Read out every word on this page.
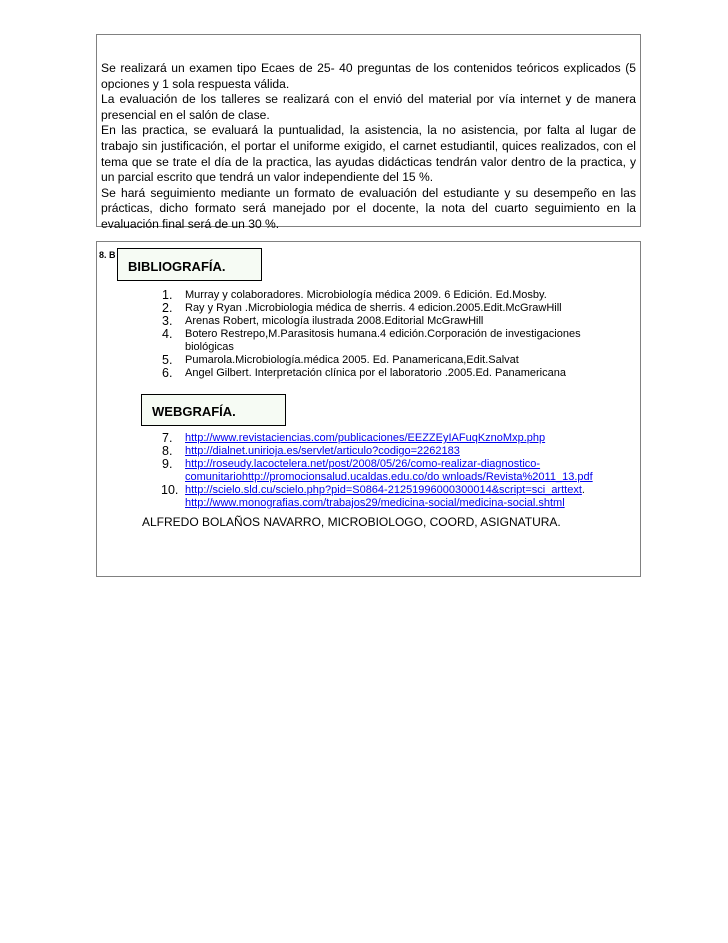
Se realizará un examen tipo Ecaes de 25- 40 preguntas de los contenidos teóricos explicados (5 opciones y 1 sola respuesta válida.

La evaluación de los talleres se realizará con el envió del material por vía internet y de manera presencial en el salón de clase.

En las practica, se evaluará la puntualidad, la asistencia, la no asistencia, por falta al lugar de trabajo sin justificación, el portar el uniforme exigido, el carnet estudiantil, quices realizados, con el tema que se trate el día de la practica, las ayudas didácticas tendrán valor dentro de la practica, y un parcial escrito que tendrá un valor independiente del 15 %.

Se hará seguimiento mediante un formato de evaluación del estudiante y su desempeño en las prácticas, dicho formato será manejado por el docente, la nota del cuarto seguimiento en la evaluación final será de un 30 %.

8. B
BIBLIOGRAFÍA.
1. Murray y colaboradores. Microbiología médica 2009. 6 Edición. Ed.Mosby.
2. Ray y Ryan .Microbiologia médica de sherris. 4 edicion.2005.Edit.McGrawHill
3. Arenas Robert, micología ilustrada 2008.Editorial McGrawHill
4. Botero Restrepo,M.Parasitosis humana.4 edición.Corporación de investigaciones biológicas
5. Pumarola.Microbiología.médica 2005. Ed. Panamericana,Edit.Salvat
6. Angel Gilbert. Interpretación clínica por el laboratorio .2005.Ed. Panamericana
WEBGRAFÍA.
7. http://www.revistaciencias.com/publicaciones/EEZZEyIAFuqKznoMxp.php
8. http://dialnet.unirioja.es/servlet/articulo?codigo=2262183
9. http://roseudy.lacoctelera.net/post/2008/05/26/como-realizar-diagnostico-comunitariohttp://promocionsalud.ucaldas.edu.co/do wnloads/Revista%2011_13.pdf
10. http://scielo.sld.cu/scielo.php?pid=S0864-21251996000300014&script=sci_arttext.
http://www.monografias.com/trabajos29/medicina-social/medicina-social.shtml
ALFREDO BOLAÑOS NAVARRO, MICROBIOLOGO, COORD, ASIGNATURA.
